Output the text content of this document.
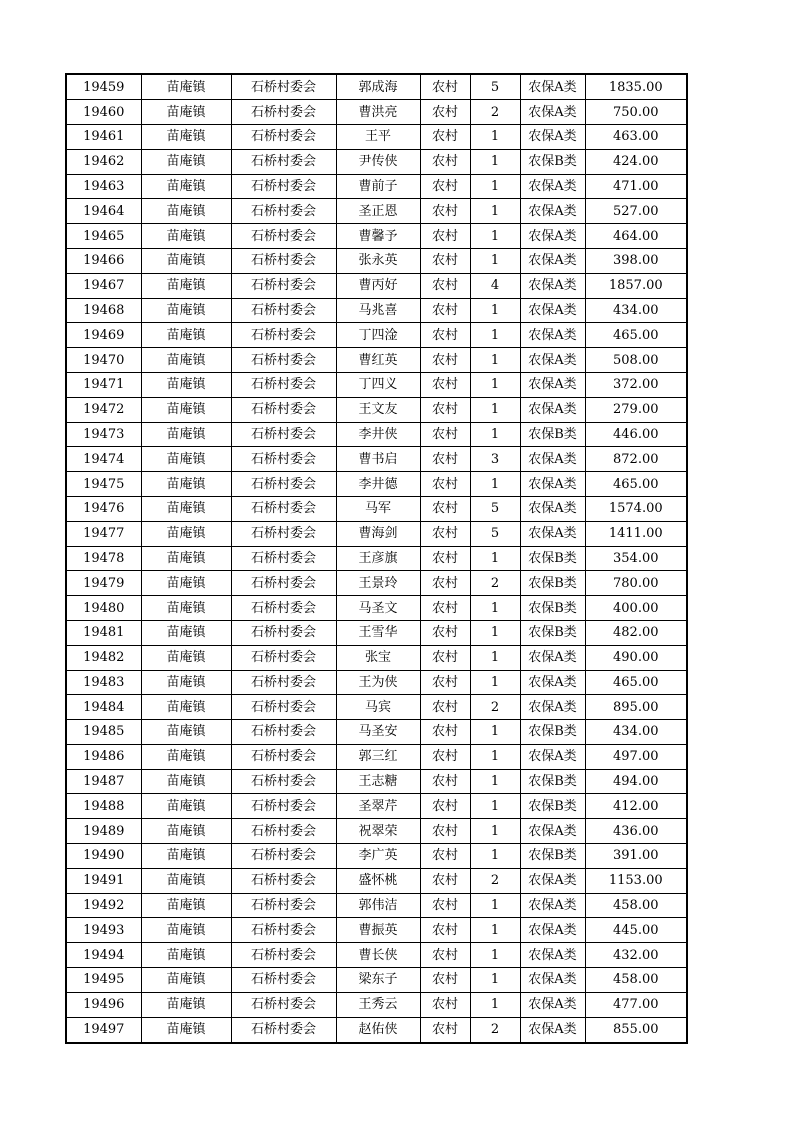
19459	苗庵镇	石桥村委会	郭成海	农村	5	农保A类	1835.00
19460	苗庵镇	石桥村委会	曹洪亮	农村	2	农保A类	750.00
19461	苗庵镇	石桥村委会	王平	农村	1	农保A类	463.00
19462	苗庵镇	石桥村委会	尹传侠	农村	1	农保B类	424.00
19463	苗庵镇	石桥村委会	曹前子	农村	1	农保A类	471.00
19464	苗庵镇	石桥村委会	圣正恩	农村	1	农保A类	527.00
19465	苗庵镇	石桥村委会	曹馨予	农村	1	农保A类	464.00
19466	苗庵镇	石桥村委会	张永英	农村	1	农保A类	398.00
19467	苗庵镇	石桥村委会	曹丙好	农村	4	农保A类	1857.00
19468	苗庵镇	石桥村委会	马兆喜	农村	1	农保A类	434.00
19469	苗庵镇	石桥村委会	丁四淦	农村	1	农保A类	465.00
19470	苗庵镇	石桥村委会	曹红英	农村	1	农保A类	508.00
19471	苗庵镇	石桥村委会	丁四义	农村	1	农保A类	372.00
19472	苗庵镇	石桥村委会	王文友	农村	1	农保A类	279.00
19473	苗庵镇	石桥村委会	李井侠	农村	1	农保B类	446.00
19474	苗庵镇	石桥村委会	曹书启	农村	3	农保A类	872.00
19475	苗庵镇	石桥村委会	李井德	农村	1	农保A类	465.00
19476	苗庵镇	石桥村委会	马军	农村	5	农保A类	1574.00
19477	苗庵镇	石桥村委会	曹海剑	农村	5	农保A类	1411.00
19478	苗庵镇	石桥村委会	王彦旗	农村	1	农保B类	354.00
19479	苗庵镇	石桥村委会	王景玲	农村	2	农保B类	780.00
19480	苗庵镇	石桥村委会	马圣文	农村	1	农保B类	400.00
19481	苗庵镇	石桥村委会	王雪华	农村	1	农保B类	482.00
19482	苗庵镇	石桥村委会	张宝	农村	1	农保A类	490.00
19483	苗庵镇	石桥村委会	王为侠	农村	1	农保A类	465.00
19484	苗庵镇	石桥村委会	马宾	农村	2	农保A类	895.00
19485	苗庵镇	石桥村委会	马圣安	农村	1	农保B类	434.00
19486	苗庵镇	石桥村委会	郭三红	农村	1	农保A类	497.00
19487	苗庵镇	石桥村委会	王志糖	农村	1	农保B类	494.00
19488	苗庵镇	石桥村委会	圣翠芹	农村	1	农保B类	412.00
19489	苗庵镇	石桥村委会	祝翠荣	农村	1	农保A类	436.00
19490	苗庵镇	石桥村委会	李广英	农村	1	农保B类	391.00
19491	苗庵镇	石桥村委会	盛怀桃	农村	2	农保A类	1153.00
19492	苗庵镇	石桥村委会	郭伟洁	农村	1	农保A类	458.00
19493	苗庵镇	石桥村委会	曹振英	农村	1	农保A类	445.00
19494	苗庵镇	石桥村委会	曹长侠	农村	1	农保A类	432.00
19495	苗庵镇	石桥村委会	梁东子	农村	1	农保A类	458.00
19496	苗庵镇	石桥村委会	王秀云	农村	1	农保A类	477.00
19497	苗庵镇	石桥村委会	赵佑侠	农村	2	农保A类	855.00
